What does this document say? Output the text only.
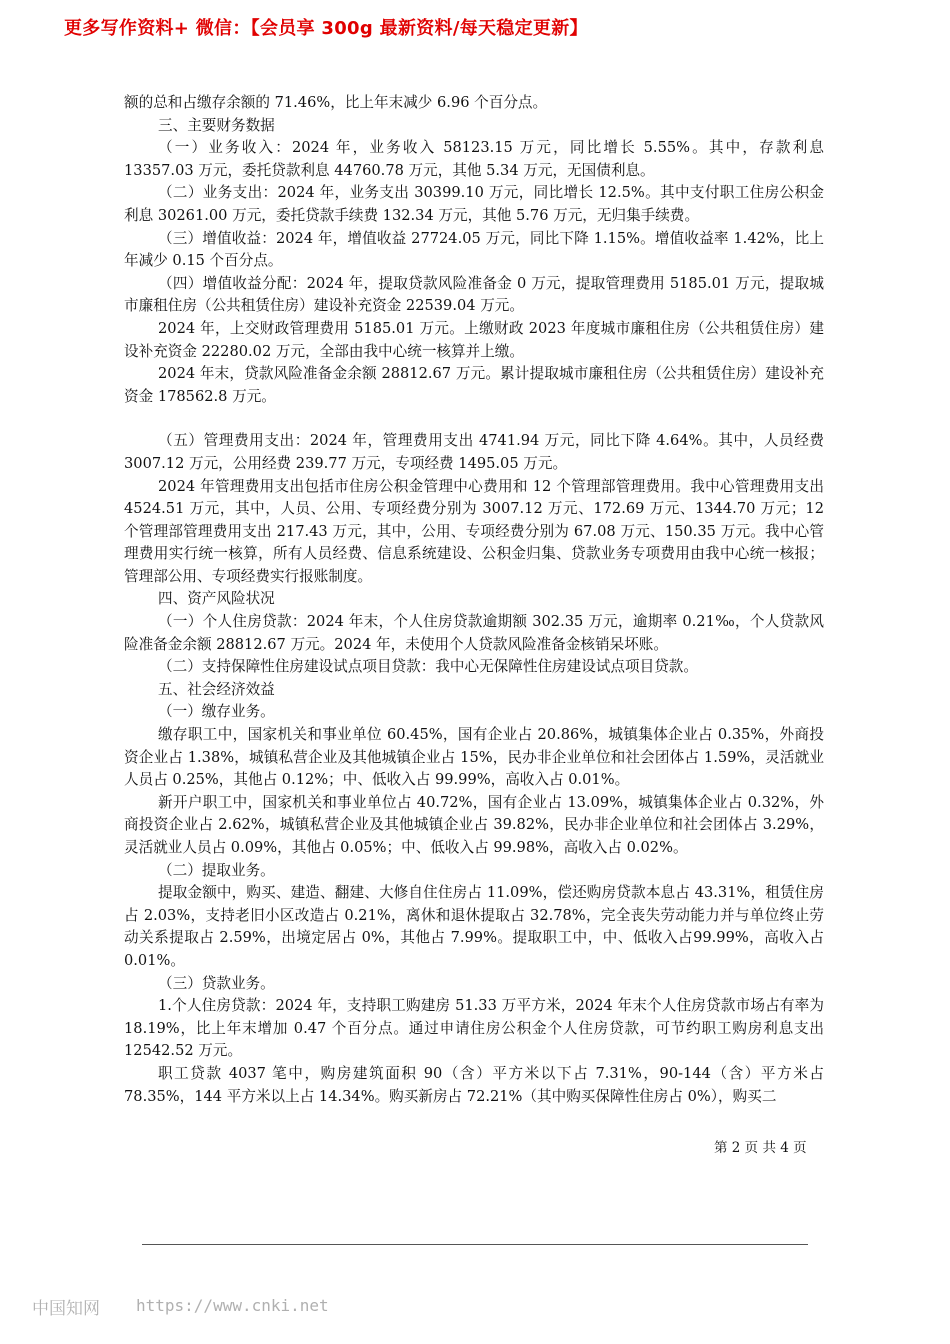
更多写作资料+ 微信：【会员享 300g 最新资料/每天稳定更新】

额的总和占缴存余额的 71.46%，比上年末减少 6.96 个百分点。

三、主要财务数据

（一）业务收入：2024 年，业务收入 58123.15 万元，同比增长 5.55%。其中，存款利息 13357.03 万元，委托贷款利息 44760.78 万元，其他 5.34 万元，无国债利息。

（二）业务支出：2024 年，业务支出 30399.10 万元，同比增长 12.5%。其中支付职工住房公积金利息 30261.00 万元，委托贷款手续费 132.34 万元，其他 5.76 万元，无归集手续费。

（三）增值收益：2024 年，增值收益 27724.05 万元，同比下降 1.15%。增值收益率 1.42%，比上年减少 0.15 个百分点。

（四）增值收益分配：2024 年，提取贷款风险准备金 0 万元，提取管理费用 5185.01 万元，提取城市廉租住房（公共租赁住房）建设补充资金 22539.04 万元。

2024 年，上交财政管理费用 5185.01 万元。上缴财政 2023 年度城市廉租住房（公共租赁住房）建设补充资金 22280.02 万元，全部由我中心统一核算并上缴。

2024 年末，贷款风险准备金余额 28812.67 万元。累计提取城市廉租住房（公共租赁住房）建设补充资金 178562.8 万元。

（五）管理费用支出：2024 年，管理费用支出 4741.94 万元，同比下降 4.64%。其中，人员经费 3007.12 万元，公用经费 239.77 万元，专项经费 1495.05 万元。

2024 年管理费用支出包括市住房公积金管理中心费用和 12 个管理部管理费用。我中心管理费用支出 4524.51 万元，其中，人员、公用、专项经费分别为 3007.12 万元、172.69 万元、1344.70 万元；12 个管理部管理费用支出 217.43 万元，其中，公用、专项经费分别为 67.08 万元、150.35 万元。我中心管理费用实行统一核算，所有人员经费、信息系统建设、公积金归集、贷款业务专项费用由我中心统一核报；管理部公用、专项经费实行报账制度。

四、资产风险状况

（一）个人住房贷款：2024 年末，个人住房贷款逾期额 302.35 万元，逾期率 0.21‰，个人贷款风险准备金余额 28812.67 万元。2024 年，未使用个人贷款风险准备金核销呆坏账。

（二）支持保障性住房建设试点项目贷款：我中心无保障性住房建设试点项目贷款。

五、社会经济效益

（一）缴存业务。

缴存职工中，国家机关和事业单位 60.45%，国有企业占 20.86%，城镇集体企业占 0.35%，外商投资企业占 1.38%，城镇私营企业及其他城镇企业占 15%，民办非企业单位和社会团体占 1.59%，灵活就业人员占 0.25%，其他占 0.12%；中、低收入占 99.99%，高收入占 0.01%。

新开户职工中，国家机关和事业单位占 40.72%，国有企业占 13.09%，城镇集体企业占 0.32%，外商投资企业占 2.62%，城镇私营企业及其他城镇企业占 39.82%，民办非企业单位和社会团体占 3.29%，灵活就业人员占 0.09%，其他占 0.05%；中、低收入占 99.98%，高收入占 0.02%。

（二）提取业务。

提取金额中，购买、建造、翻建、大修自住住房占 11.09%，偿还购房贷款本息占 43.31%，租赁住房占 2.03%，支持老旧小区改造占 0.21%，离休和退休提取占 32.78%，完全丧失劳动能力并与单位终止劳动关系提取占 2.59%，出境定居占 0%，其他占 7.99%。提取职工中，中、低收入占99.99%，高收入占 0.01%。

（三）贷款业务。

1.个人住房贷款：2024 年，支持职工购建房 51.33 万平方米，2024 年末个人住房贷款市场占有率为 18.19%，比上年末增加 0.47 个百分点。通过申请住房公积金个人住房贷款，可节约职工购房利息支出 12542.52 万元。

职工贷款 4037 笔中，购房建筑面积 90（含）平方米以下占 7.31%，90-144（含）平方米占 78.35%，144 平方米以上占 14.34%。购买新房占 72.21%（其中购买保障性住房占 0%），购买二

第 2 页 共 4 页
中国知网 https://www.cnki.net
